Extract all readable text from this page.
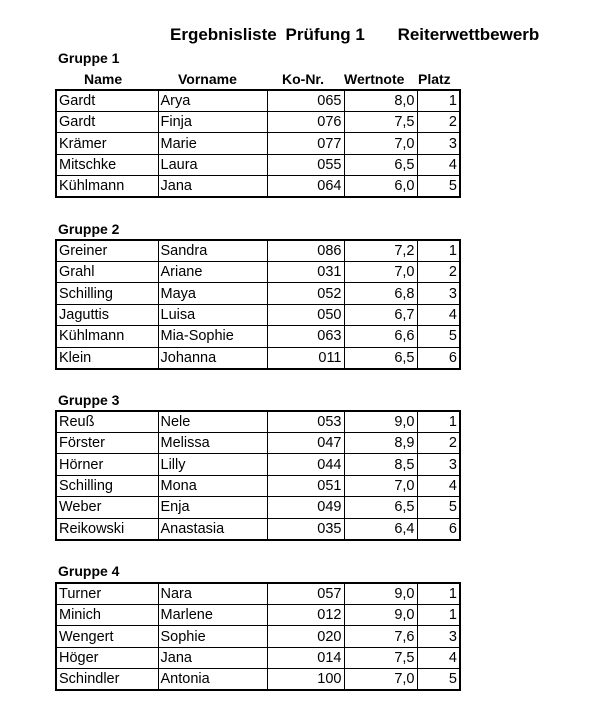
Ergebnisliste Prüfung 1 Reiterwettbewerb
Gruppe 1
Name	Vorname	Ko-Nr. Wertnote Platz
Gardt	Arya	065	8,0	1
Gardt	Finja	076	7,5	2
Krämer	Marie	077	7,0	3
Mitschke	Laura	055	6,5	4
Kühlmann	Jana	064	6,0	5
Gruppe 2
Greiner	Sandra	086	7,2	1
Grahl	Ariane	031	7,0	2
Schilling	Maya	052	6,8	3
Jaguttis	Luisa	050	6,7	4
Kühlmann	Mia-Sophie	063	6,6	5
Klein	Johanna	011	6,5	6
Gruppe 3
Reuß	Nele	053	9,0	1
Förster	Melissa	047	8,9	2
Hörner	Lilly	044	8,5	3
Schilling	Mona	051	7,0	4
Weber	Enja	049	6,5	5
Reikowski	Anastasia	035	6,4	6
Gruppe 4
Turner	Nara	057	9,0	1
Minich	Marlene	012	9,0	1
Wengert	Sophie	020	7,6	3
Höger	Jana	014	7,5	4
Schindler	Antonia	100	7,0	5
